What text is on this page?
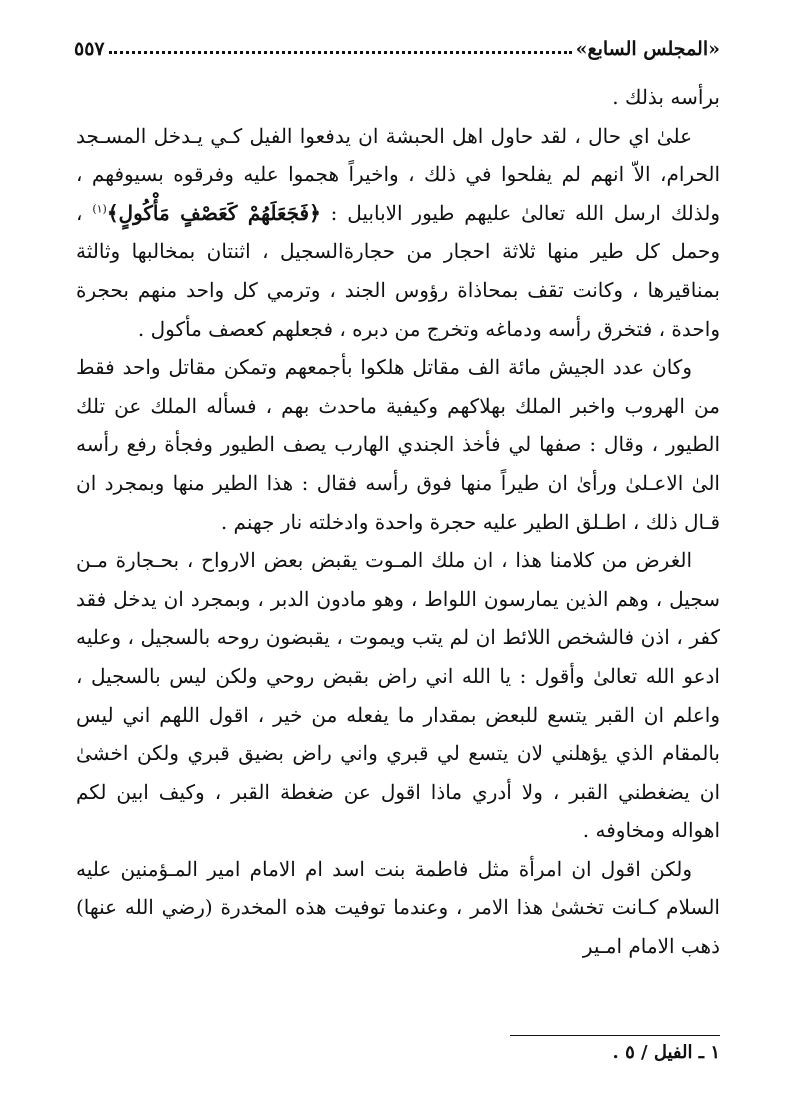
«المجلس السابع»
٥٥٧

برأسه بذلك .

علىٰ اي حال ، لقد حاول اهل الحبشة ان يدفعوا الفيل كـي يـدخل المسـجد الحرام، الاّ انهم لم يفلحوا في ذلك ، واخيراً هجموا عليه وفرقوه بسيوفهم ، ولذلك ارسل الله تعالىٰ عليهم طيور الابابيل : ﴿فَجَعَلَهُمْ كَعَصْفٍ مَأْكُولٍ﴾$^{(١)}$ ، وحمل كل طير منها ثلاثة احجار من حجارةالسجيل ، اثنتان بمخالبها وثالثة بمناقيرها ، وكانت تقف بمحاذاة رؤوس الجند ، وترمي كل واحد منهم بحجرة واحدة ، فتخرق رأسه ودماغه وتخرج من دبره ، فجعلهم كعصف مأكول .

وكان عدد الجيش مائة الف مقاتل هلكوا بأجمعهم وتمكن مقاتل واحد فقط من الهروب واخبر الملك بهلاكهم وكيفية ماحدث بهم ، فسأله الملك عن تلك الطيور ، وقال : صفها لي فأخذ الجندي الهارب يصف الطيور وفجأة رفع رأسه الىٰ الاعـلىٰ ورأىٰ ان طيراً منها فوق رأسه فقال : هذا الطير منها وبمجرد ان قـال ذلك ، اطـلق الطير عليه حجرة واحدة وادخلته نار جهنم .

الغرض من كلامنا هذا ، ان ملك المـوت يقبض بعض الارواح ، بحـجارة مـن سجيل ، وهم الذين يمارسون اللواط ، وهو مادون الدبر ، وبمجرد ان يدخل فقد كفر ، اذن فالشخص اللائط ان لم يتب ويموت ، يقبضون روحه بالسجيل ، وعليه ادعو الله تعالىٰ وأقول : يا الله اني راض بقبض روحي ولكن ليس بالسجيل ، واعلم ان القبر يتسع للبعض بمقدار ما يفعله من خير ، اقول اللهم اني ليس بالمقام الذي يؤهلني لان يتسع لي قبري واني راض بضيق قبري ولكن اخشىٰ ان يضغطني القبر ، ولا أدري ماذا اقول عن ضغطة القبر ، وكيف ابين لكم اهواله ومخاوفه .

ولكن اقول ان امرأة مثل فاطمة بنت اسد ام الامام امير المـؤمنين عليه السلام كـانت تخشىٰ هذا الامر ، وعندما توفيت هذه المخدرة (رضي الله عنها) ذهب الامام امـير

١ ـ الفيل / ٥ .
